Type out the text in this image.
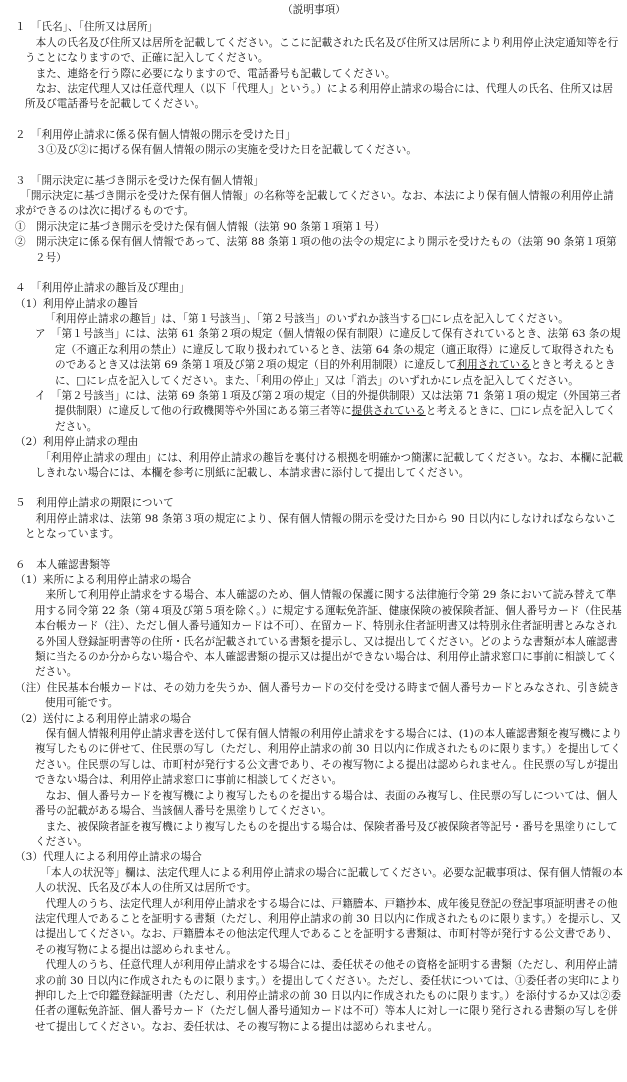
（説明事項）
１　「氏名」、「住所又は居所」
　本人の氏名及び住所又は居所を記載してください。ここに記載された氏名及び住所又は居所により利用停止決定通知等を行うことになりますので、正確に記入してください。
　また、連絡を行う際に必要になりますので、電話番号も記載してください。
　なお、法定代理人又は任意代理人（以下「代理人」という。）による利用停止請求の場合には、代理人の氏名、住所又は居所及び電話番号を記載してください。
２　「利用停止請求に係る保有個人情報の開示を受けた日」
　３①及び②に掲げる保有個人情報の開示の実施を受けた日を記載してください。
３　「開示決定に基づき開示を受けた保有個人情報」
　「開示決定に基づき開示を受けた保有個人情報」の名称等を記載してください。なお、本法により保有個人情報の利用停止請求ができるのは次に掲げるものです。
①　開示決定に基づき開示を受けた保有個人情報（法第 90 条第１項第１号）
②　開示決定に係る保有個人情報であって、法第 88 条第１項の他の法令の規定により開示を受けたもの（法第 90 条第１項第２号）
４　「利用停止請求の趣旨及び理由」
（1）利用停止請求の趣旨
「利用停止請求の趣旨」は、「第１号該当」、「第２号該当」のいずれか該当する□にレ点を記入してください。
ア　「第１号該当」には、法第 61 条第２項の規定（個人情報の保有制限）に違反して保有されているとき、法第 63 条の規定（不適正な利用の禁止）に違反して取り扱われているとき、法第 64 条の規定（適正取得）に違反して取得されたものであるとき又は法第 69 条第１項及び第２項の規定（目的外利用制限）に違反して利用されているときと考えるときに、□にレ点を記入してください。また、「利用の停止」又は「消去」のいずれかにレ点を記入してください。
イ　「第２号該当」には、法第 69 条第１項及び第２項の規定（目的外提供制限）又は法第 71 条第１項の規定（外国第三者提供制限）に違反して他の行政機関等や外国にある第三者等に提供されていると考えるときに、□にレ点を記入してください。
（2）利用停止請求の理由
　「利用停止請求の理由」には、利用停止請求の趣旨を裏付ける根拠を明確かつ簡潔に記載してください。なお、本欄に記載しきれない場合には、本欄を参考に別紙に記載し、本請求書に添付して提出してください。
５　利用停止請求の期限について
　利用停止請求は、法第 98 条第３項の規定により、保有個人情報の開示を受けた日から 90 日以内にしなければならないこととなっています。
６　本人確認書類等
（1）来所による利用停止請求の場合
　来所して利用停止請求をする場合、本人確認のため、個人情報の保護に関する法律施行令第 29 条において読み替えて準用する同令第 22 条（第４項及び第５項を除く。）に規定する運転免許証、健康保険の被保険者証、個人番号カード（住民基本台帳カード（注）、ただし個人番号通知カードは不可）、在留カード、特別永住者証明書又は特別永住者証明書とみなされる外国人登録証明書等の住所・氏名が記載されている書類を提示し、又は提出してください。どのような書類が本人確認書類に当たるのか分からない場合や、本人確認書類の提示又は提出ができない場合は、利用停止請求窓口に事前に相談してください。
（注）住民基本台帳カードは、その効力を失うか、個人番号カードの交付を受ける時まで個人番号カードとみなされ、引き続き使用可能です。
（2）送付による利用停止請求の場合
　保有個人情報利用停止請求書を送付して保有個人情報の利用停止請求をする場合には、(1)の本人確認書類を複写機により複写したものに併せて、住民票の写し（ただし、利用停止請求の前 30 日以内に作成されたものに限ります。）を提出してください。住民票の写しは、市町村が発行する公文書であり、その複写物による提出は認められません。住民票の写しが提出できない場合は、利用停止請求窓口に事前に相談してください。
　なお、個人番号カードを複写機により複写したものを提出する場合は、表面のみ複写し、住民票の写しについては、個人番号の記載がある場合、当該個人番号を黒塗りしてください。
　また、被保険者証を複写機により複写したものを提出する場合は、保険者番号及び被保険者等記号・番号を黒塗りにしてください。
（3）代理人による利用停止請求の場合
　「本人の状況等」欄は、法定代理人による利用停止請求の場合に記載してください。必要な記載事項は、保有個人情報の本人の状況、氏名及び本人の住所又は居所です。
　代理人のうち、法定代理人が利用停止請求をする場合には、戸籍謄本、戸籍抄本、成年後見登記の登記事項証明書その他法定代理人であることを証明する書類（ただし、利用停止請求の前 30 日以内に作成されたものに限ります。）を提示し、又は提出してください。なお、戸籍謄本その他法定代理人であることを証明する書類は、市町村等が発行する公文書であり、その複写物による提出は認められません。
　代理人のうち、任意代理人が利用停止請求をする場合には、委任状その他その資格を証明する書類（ただし、利用停止請求の前 30 日以内に作成されたものに限ります。）を提出してください。ただし、委任状については、①委任者の実印により押印した上で印鑑登録証明書（ただし、利用停止請求の前 30 日以内に作成されたものに限ります。）を添付するか又は②委任者の運転免許証、個人番号カード（ただし個人番号通知カードは不可）等本人に対し一に限り発行される書類の写しを併せて提出してください。なお、委任状は、その複写物による提出は認められません。
